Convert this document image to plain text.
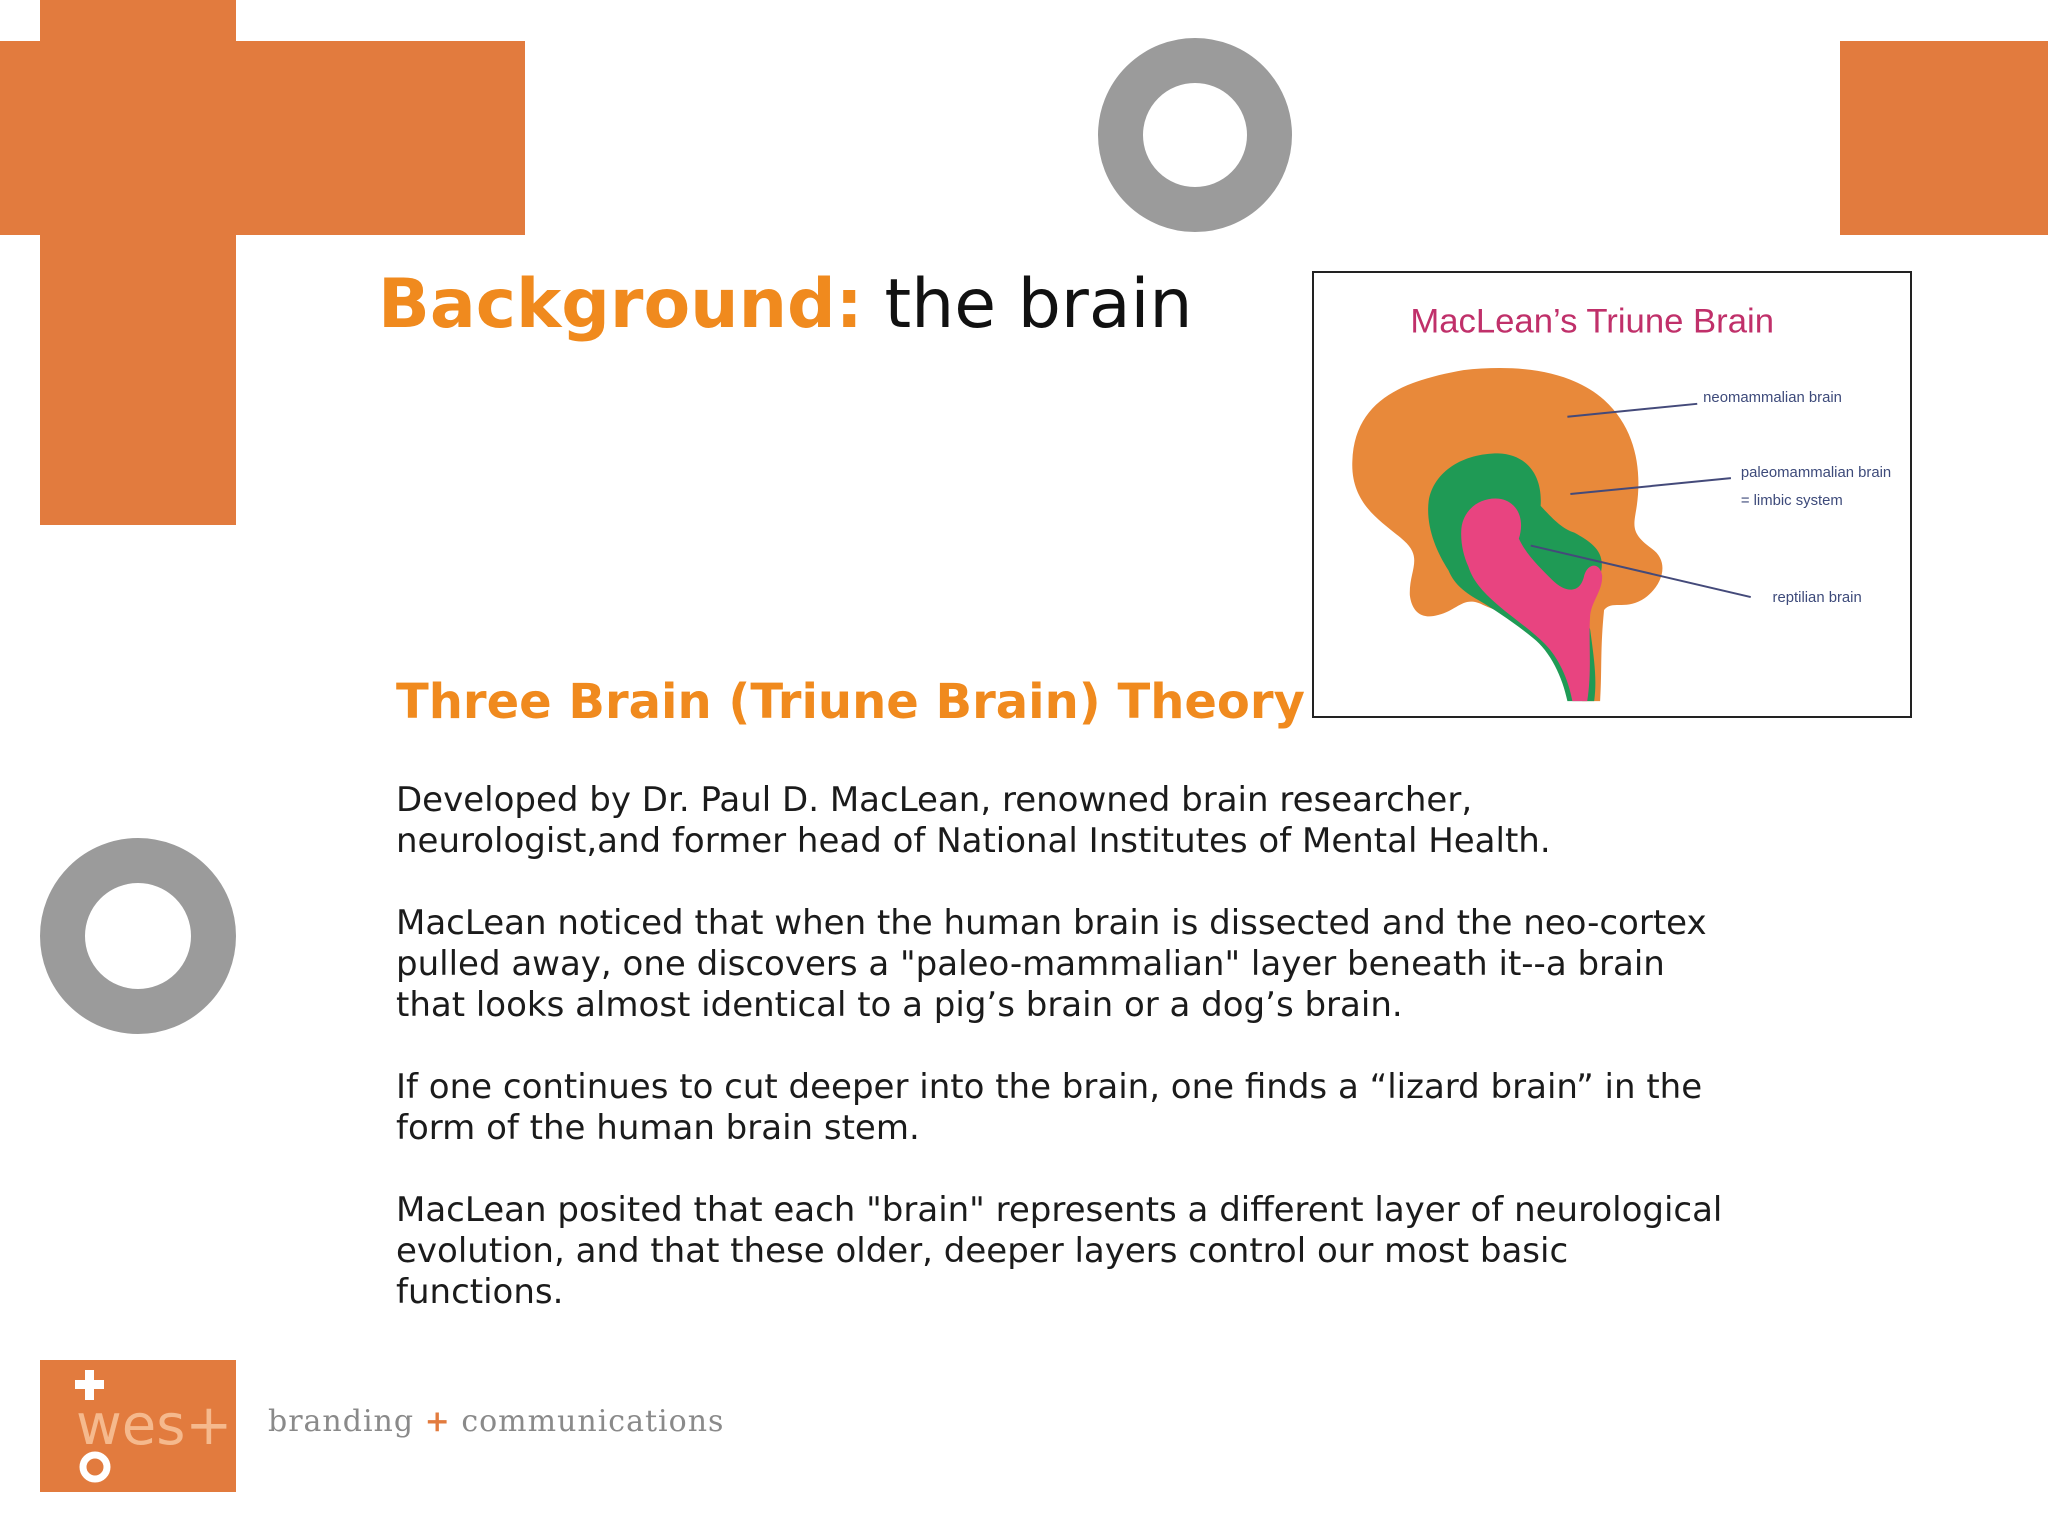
Background: the brain	MacLean’s Triune Brain
neomammalian brain
paleomammalian brain
= limbic system
reptilian brain
Three Brain (Triune Brain) Theory

Developed by Dr. Paul D. MacLean, renowned brain researcher,
neurologist,and former head of National Institutes of Mental Health.

MacLean noticed that when the human brain is dissected and the neo-cortex
pulled away, one discovers a "paleo-mammalian" layer beneath it--a brain
that looks almost identical to a pig’s brain or a dog’s brain.

If one continues to cut deeper into the brain, one finds a “lizard brain” in the
form of the human brain stem.

MacLean posited that each "brain" represents a different layer of neurological
evolution, and that these older, deeper layers control our most basic functions.

wes+ branding + communications
